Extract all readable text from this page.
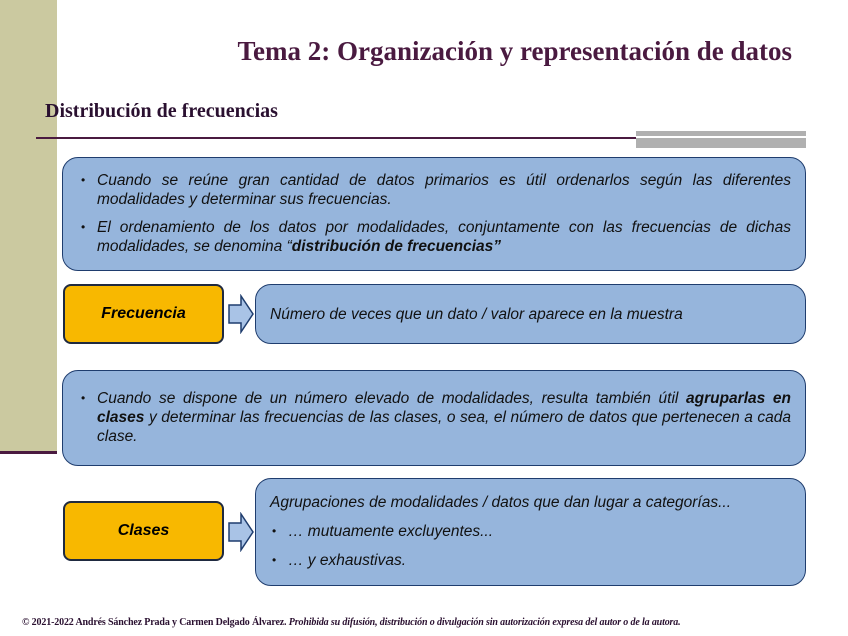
Tema 2: Organización y representación de datos
Distribución de frecuencias
• Cuando se reúne gran cantidad de datos primarios es útil ordenarlos según las diferentes modalidades y determinar sus frecuencias.
• El ordenamiento de los datos por modalidades, conjuntamente con las frecuencias de dichas modalidades, se denomina “distribución de frecuencias”
Frecuencia	Número de veces que un dato / valor aparece en la muestra
• Cuando se dispone de un número elevado de modalidades, resulta también útil agruparlas en clases y determinar las frecuencias de las clases, o sea, el número de datos que pertenecen a cada clase.
Clases
Agrupaciones de modalidades / datos que dan lugar a categorías...
• … mutuamente excluyentes...
• … y exhaustivas.
© 2021-2022 Andrés Sánchez Prada y Carmen Delgado Álvarez. Prohibida su difusión, distribución o divulgación sin autorización expresa del autor o de la autora.
